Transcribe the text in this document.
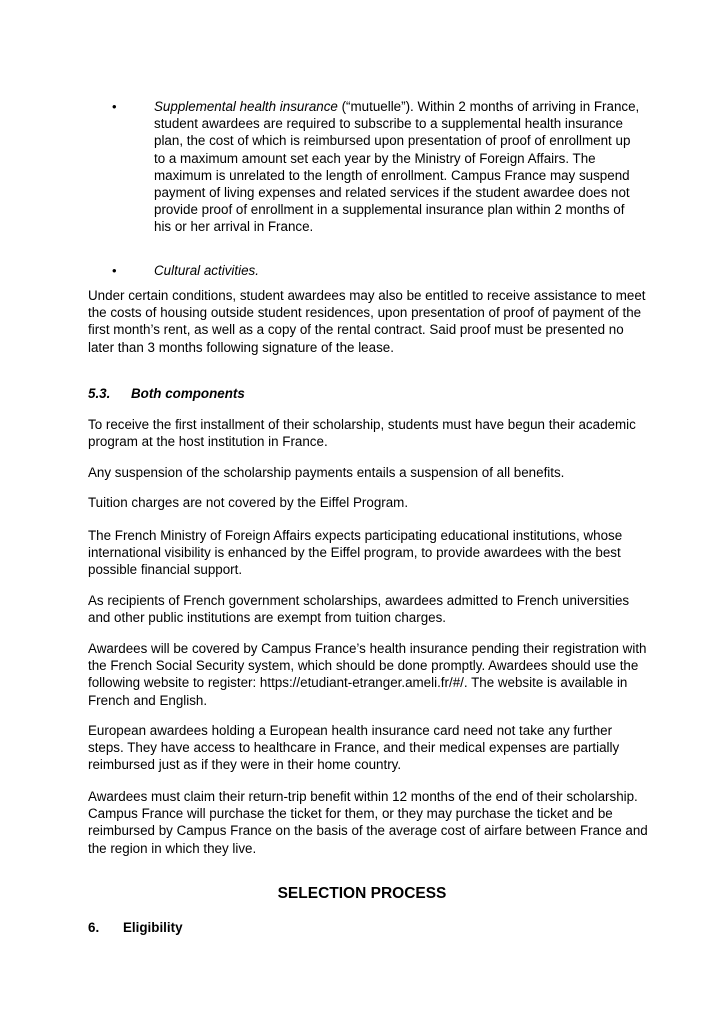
•	Supplemental health insurance (“mutuelle”). Within 2 months of arriving in France, student awardees are required to subscribe to a supplemental health insurance plan, the cost of which is reimbursed upon presentation of proof of enrollment up to a maximum amount set each year by the Ministry of Foreign Affairs. The maximum is unrelated to the length of enrollment. Campus France may suspend payment of living expenses and related services if the student awardee does not provide proof of enrollment in a supplemental insurance plan within 2 months of his or her arrival in France.
•	Cultural activities.
Under certain conditions, student awardees may also be entitled to receive assistance to meet the costs of housing outside student residences, upon presentation of proof of payment of the first month’s rent, as well as a copy of the rental contract. Said proof must be presented no later than 3 months following signature of the lease.
5.3. Both components
To receive the first installment of their scholarship, students must have begun their academic program at the host institution in France.
Any suspension of the scholarship payments entails a suspension of all benefits.
Tuition charges are not covered by the Eiffel Program.
The French Ministry of Foreign Affairs expects participating educational institutions, whose international visibility is enhanced by the Eiffel program, to provide awardees with the best possible financial support.
As recipients of French government scholarships, awardees admitted to French universities and other public institutions are exempt from tuition charges.
Awardees will be covered by Campus France’s health insurance pending their registration with the French Social Security system, which should be done promptly. Awardees should use the following website to register: https://etudiant-etranger.ameli.fr/#/. The website is available in French and English.
European awardees holding a European health insurance card need not take any further steps. They have access to healthcare in France, and their medical expenses are partially reimbursed just as if they were in their home country.
Awardees must claim their return-trip benefit within 12 months of the end of their scholarship. Campus France will purchase the ticket for them, or they may purchase the ticket and be reimbursed by Campus France on the basis of the average cost of airfare between France and the region in which they live.
SELECTION PROCESS
6. Eligibility
